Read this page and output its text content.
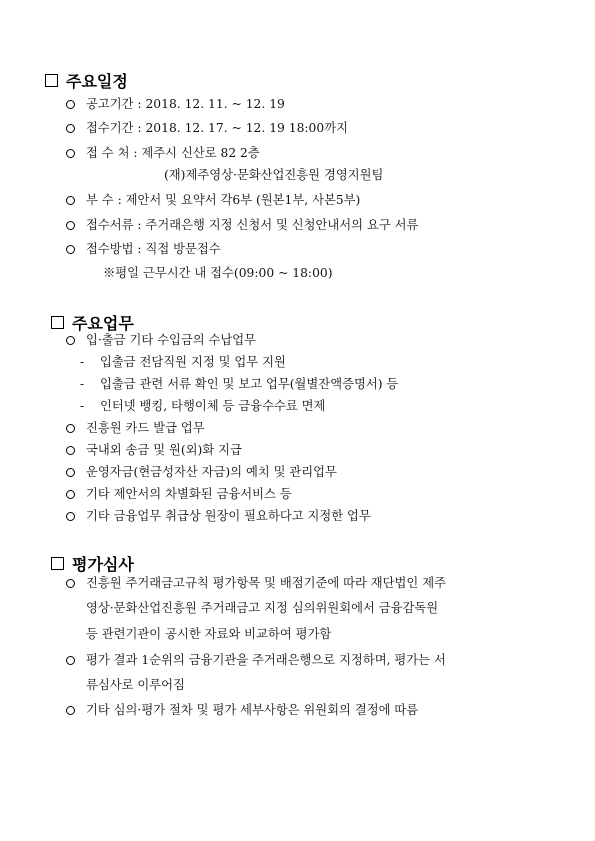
주요일정
공고기간 : 2018. 12. 11. ~ 12. 19
접수기간 : 2018. 12. 17. ~ 12. 19 18:00까지
접 수 처 : 제주시 신산로 82 2층
(재)제주영상·문화산업진흥원 경영지원팀
부 수 : 제안서 및 요약서 각6부 (원본1부, 사본5부)
접수서류 : 주거래은행 지정 신청서 및 신청안내서의 요구 서류
접수방법 : 직접 방문접수
※평일 근무시간 내 접수(09:00 ~ 18:00)
주요업무
입·출금 기타 수입금의 수납업무
- 입출금 전담직원 지정 및 업무 지원
- 입출금 관련 서류 확인 및 보고 업무(월별잔액증명서) 등
- 인터넷 뱅킹, 타행이체 등 금융수수료 면제
진흥원 카드 발급 업무
국내외 송금 및 원(외)화 지급
운영자금(현금성자산 자금)의 예치 및 관리업무
기타 제안서의 차별화된 금융서비스 등
기타 금융업무 취급상 원장이 필요하다고 지정한 업무
평가심사
진흥원 주거래금고규칙 평가항목 및 배점기준에 따라 재단법인 제주
영상·문화산업진흥원 주거래금고 지정 심의위원회에서 금융감독원
등 관련기관이 공시한 자료와 비교하여 평가함
평가 결과 1순위의 금융기관을 주거래은행으로 지정하며, 평가는 서
류심사로 이루어짐
기타 심의·평가 절차 및 평가 세부사항은 위원회의 결정에 따름
